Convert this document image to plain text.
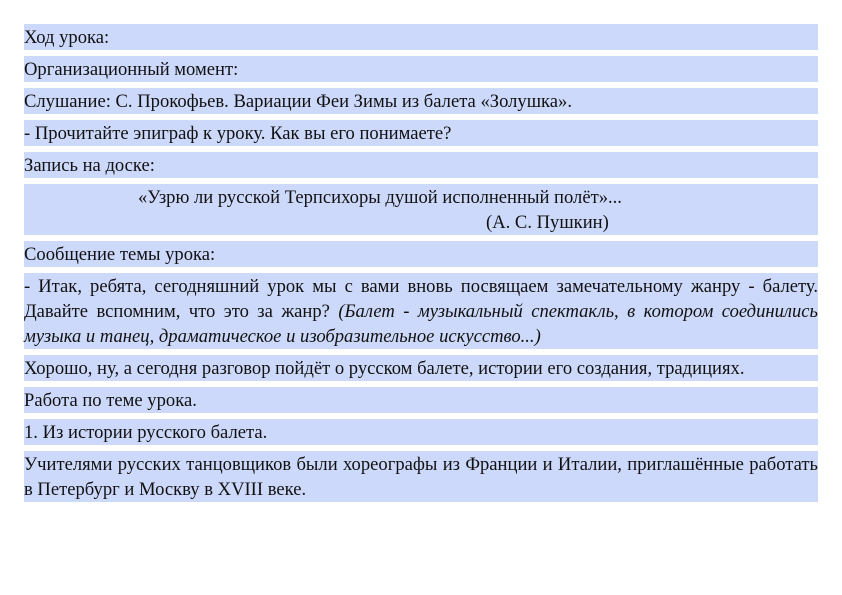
Ход урока:
Организационный момент:
Слушание: С. Прокофьев. Вариации Феи Зимы из балета «Золушка».
- Прочитайте эпиграф к уроку. Как вы его понимаете?
Запись на доске:
«Узрю ли русской Терпсихоры душой исполненный полёт»...
(А. С. Пушкин)
Сообщение темы урока:
- Итак, ребята, сегодняшний урок мы с вами вновь посвящаем замечательному жанру - балету. Давайте вспомним, что это за жанр? (Балет - музыкальный спектакль, в котором соединились музыка и танец, драматическое и изобразительное искусство...)
Хорошо, ну, а сегодня разговор пойдёт о русском балете, истории его создания, традициях.
Работа по теме урока.
1. Из истории русского балета.
Учителями русских танцовщиков были хореографы из Франции и Италии, приглашённые работать в Петербург и Москву в XVIII веке.
